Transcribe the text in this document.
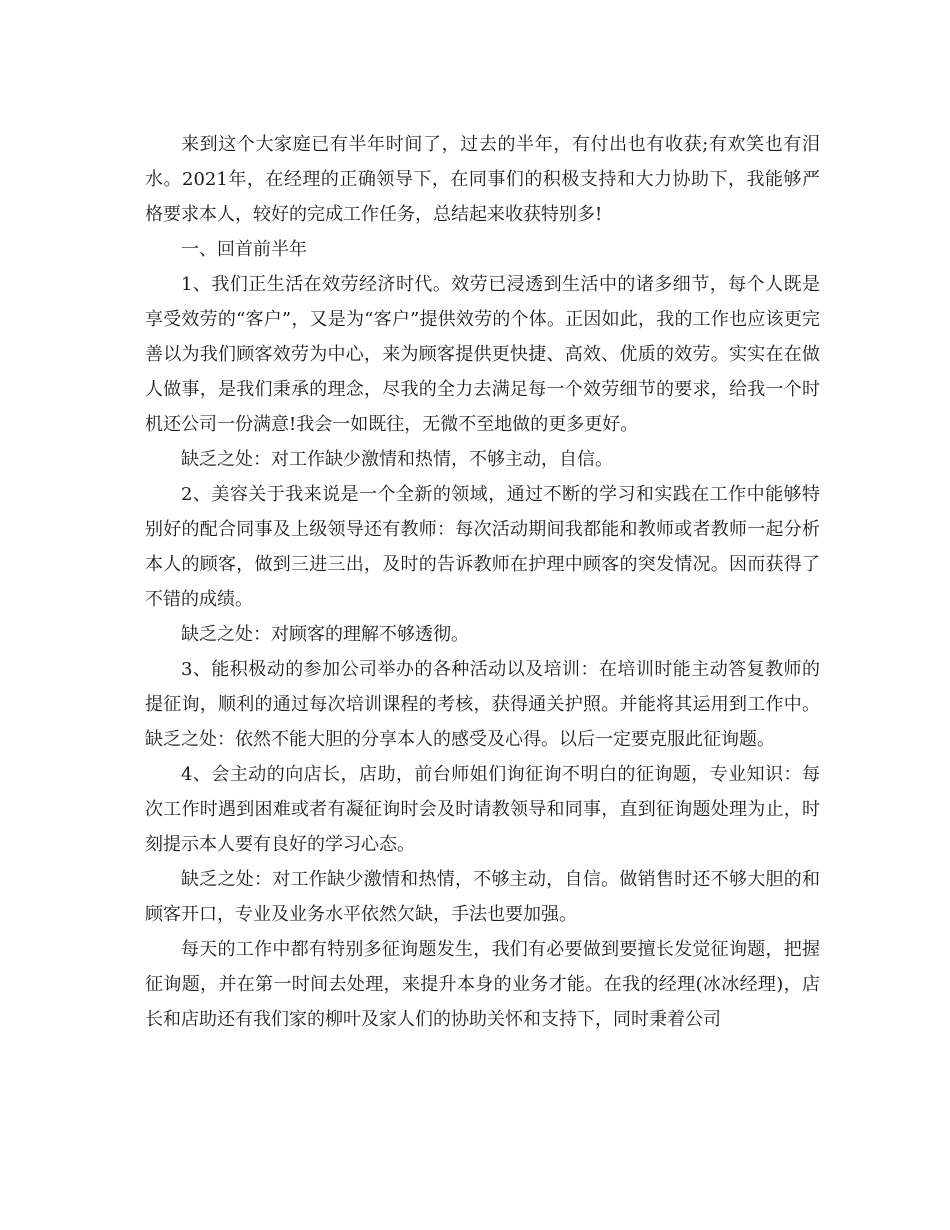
来到这个大家庭已有半年时间了，过去的半年，有付出也有收获;有欢笑也有泪水。2021年，在经理的正确领导下，在同事们的积极支持和大力协助下，我能够严格要求本人，较好的完成工作任务，总结起来收获特别多!

一、回首前半年

1、我们正生活在效劳经济时代。效劳已浸透到生活中的诸多细节，每个人既是享受效劳的“客户”，又是为“客户”提供效劳的个体。正因如此，我的工作也应该更完善以为我们顾客效劳为中心，来为顾客提供更快捷、高效、优质的效劳。实实在在做人做事，是我们秉承的理念，尽我的全力去满足每一个效劳细节的要求，给我一个时机还公司一份满意!我会一如既往，无微不至地做的更多更好。

缺乏之处：对工作缺少激情和热情，不够主动，自信。

2、美容关于我来说是一个全新的领域，通过不断的学习和实践在工作中能够特别好的配合同事及上级领导还有教师：每次活动期间我都能和教师或者教师一起分析本人的顾客，做到三进三出，及时的告诉教师在护理中顾客的突发情况。因而获得了不错的成绩。

缺乏之处：对顾客的理解不够透彻。

3、能积极动的参加公司举办的各种活动以及培训：在培训时能主动答复教师的提征询，顺利的通过每次培训课程的考核，获得通关护照。并能将其运用到工作中。缺乏之处：依然不能大胆的分享本人的感受及心得。以后一定要克服此征询题。

4、会主动的向店长，店助，前台师姐们询征询不明白的征询题，专业知识：每次工作时遇到困难或者有凝征询时会及时请教领导和同事，直到征询题处理为止，时刻提示本人要有良好的学习心态。

缺乏之处：对工作缺少激情和热情，不够主动，自信。做销售时还不够大胆的和顾客开口，专业及业务水平依然欠缺，手法也要加强。

每天的工作中都有特别多征询题发生，我们有必要做到要擅长发觉征询题，把握征询题，并在第一时间去处理，来提升本身的业务才能。在我的经理(冰冰经理)，店长和店助还有我们家的柳叶及家人们的协助关怀和支持下，同时秉着公司
